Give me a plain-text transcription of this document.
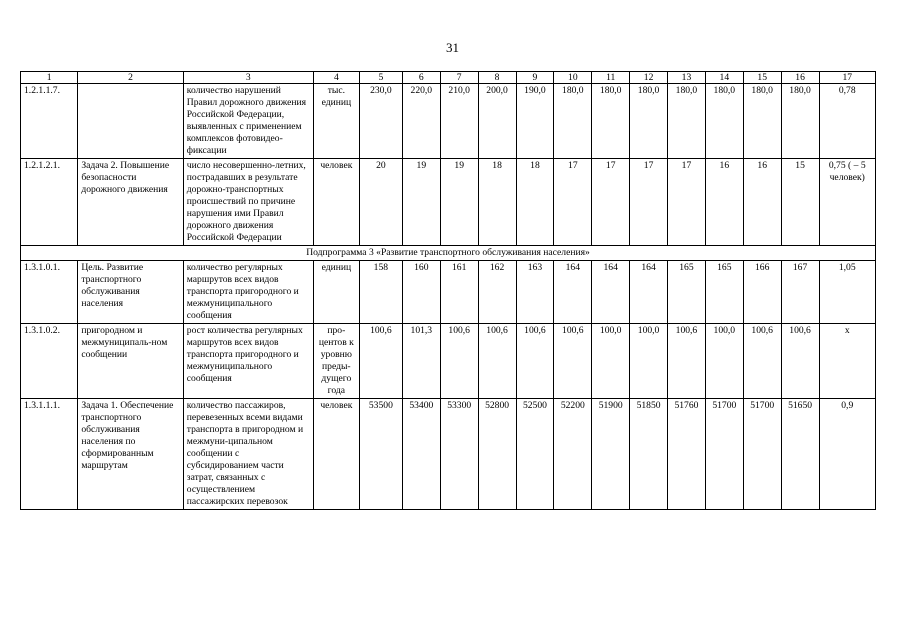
31
1	2	3	4	5	6	7	8	9	10	11	12	13	14	15	16	17
1.2.1.1.7.		количество нарушений Правил дорожного движения Российской Федерации, выявленных с применением комплексов фотовидео-фиксации	тыс. единиц	230,0	220,0	210,0	200,0	190,0	180,0	180,0	180,0	180,0	180,0	180,0	180,0	0,78
1.2.1.2.1.	Задача 2. Повышение безопасности дорожного движения	число несовершенно-летних, пострадавших в результате дорожно-транспортных происшествий по причине нарушения ими Правил дорожного движения Российской Федерации	человек	20	19	19	18	18	17	17	17	17	16	16	15	0,75 ( – 5 человек)
Подпрограмма 3 «Развитие транспортного обслуживания населения»																
1.3.1.0.1.	Цель. Развитие транспортного обслуживания населения	количество регулярных маршрутов всех видов транспорта пригородного и межмуниципального сообщения	единиц	158	160	161	162	163	164	164	164	165	165	166	167	1,05
1.3.1.0.2.	пригородном и межмуниципаль-ном сообщении	рост количества регулярных маршрутов всех видов транспорта пригородного и межмуниципального сообщения	про-центов к уровню преды-дущего года	100,6	101,3	100,6	100,6	100,6	100,6	100,0	100,0	100,6	100,0	100,6	100,6	х
1.3.1.1.1.	Задача 1. Обеспечение транспортного обслуживания населения по сформированным маршрутам	количество пассажиров, перевезенных всеми видами транспорта в пригородном и межмуни-ципальном сообщении с субсидированием части затрат, связанных с осуществлением пассажирских перевозок	человек	53500	53400	53300	52800	52500	52200	51900	51850	51760	51700	51700	51650	0,9
